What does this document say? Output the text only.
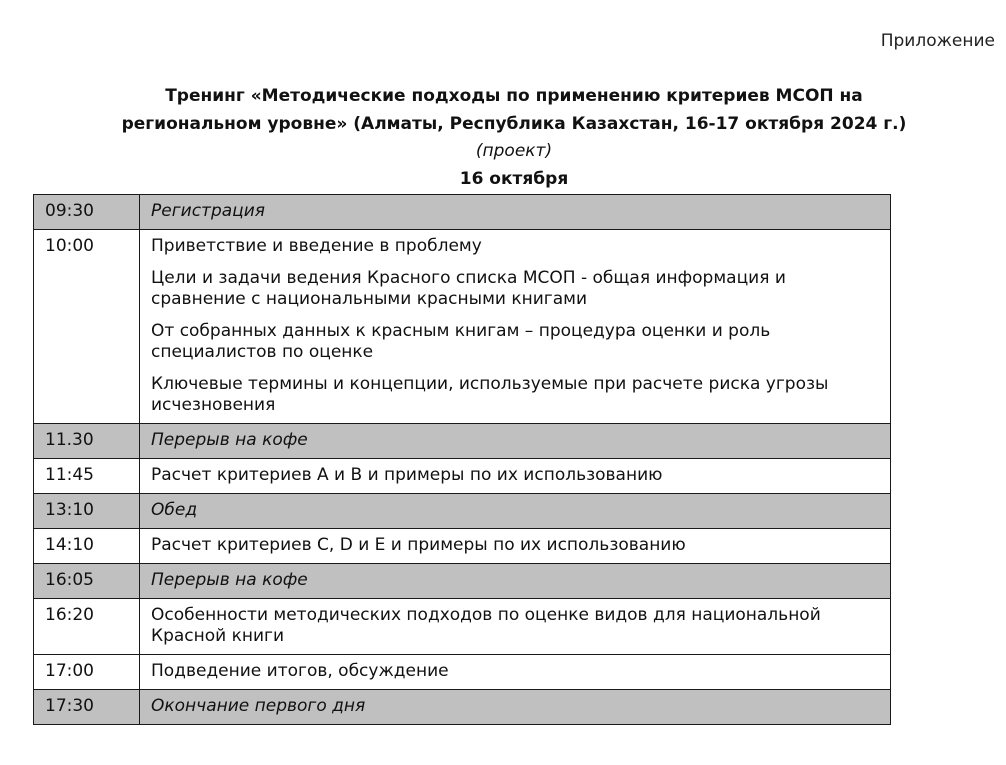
Приложение
Тренинг «Методические подходы по применению критериев МСОП на
региональном уровне» (Алматы, Республика Казахстан, 16-17 октября 2024 г.)
(проект)
16 октября
09:30	Регистрация

10:00	Приветствие и введение в проблему
Цели и задачи ведения Красного списка МСОП - общая информация и сравнение с национальными красными книгами
От собранных данных к красным книгам – процедура оценки и роль специалистов по оценке
Ключевые термины и концепции, используемые при расчете риска угрозы исчезновения

11.30	Перерыв на кофе

11:45	Расчет критериев А и В и примеры по их использованию

13:10	Обед

14:10	Расчет критериев C, D и E и примеры по их использованию

16:05	Перерыв на кофе

16:20	Особенности методических подходов по оценке видов для национальной Красной книги

17:00	Подведение итогов, обсуждение

17:30	Окончание первого дня
